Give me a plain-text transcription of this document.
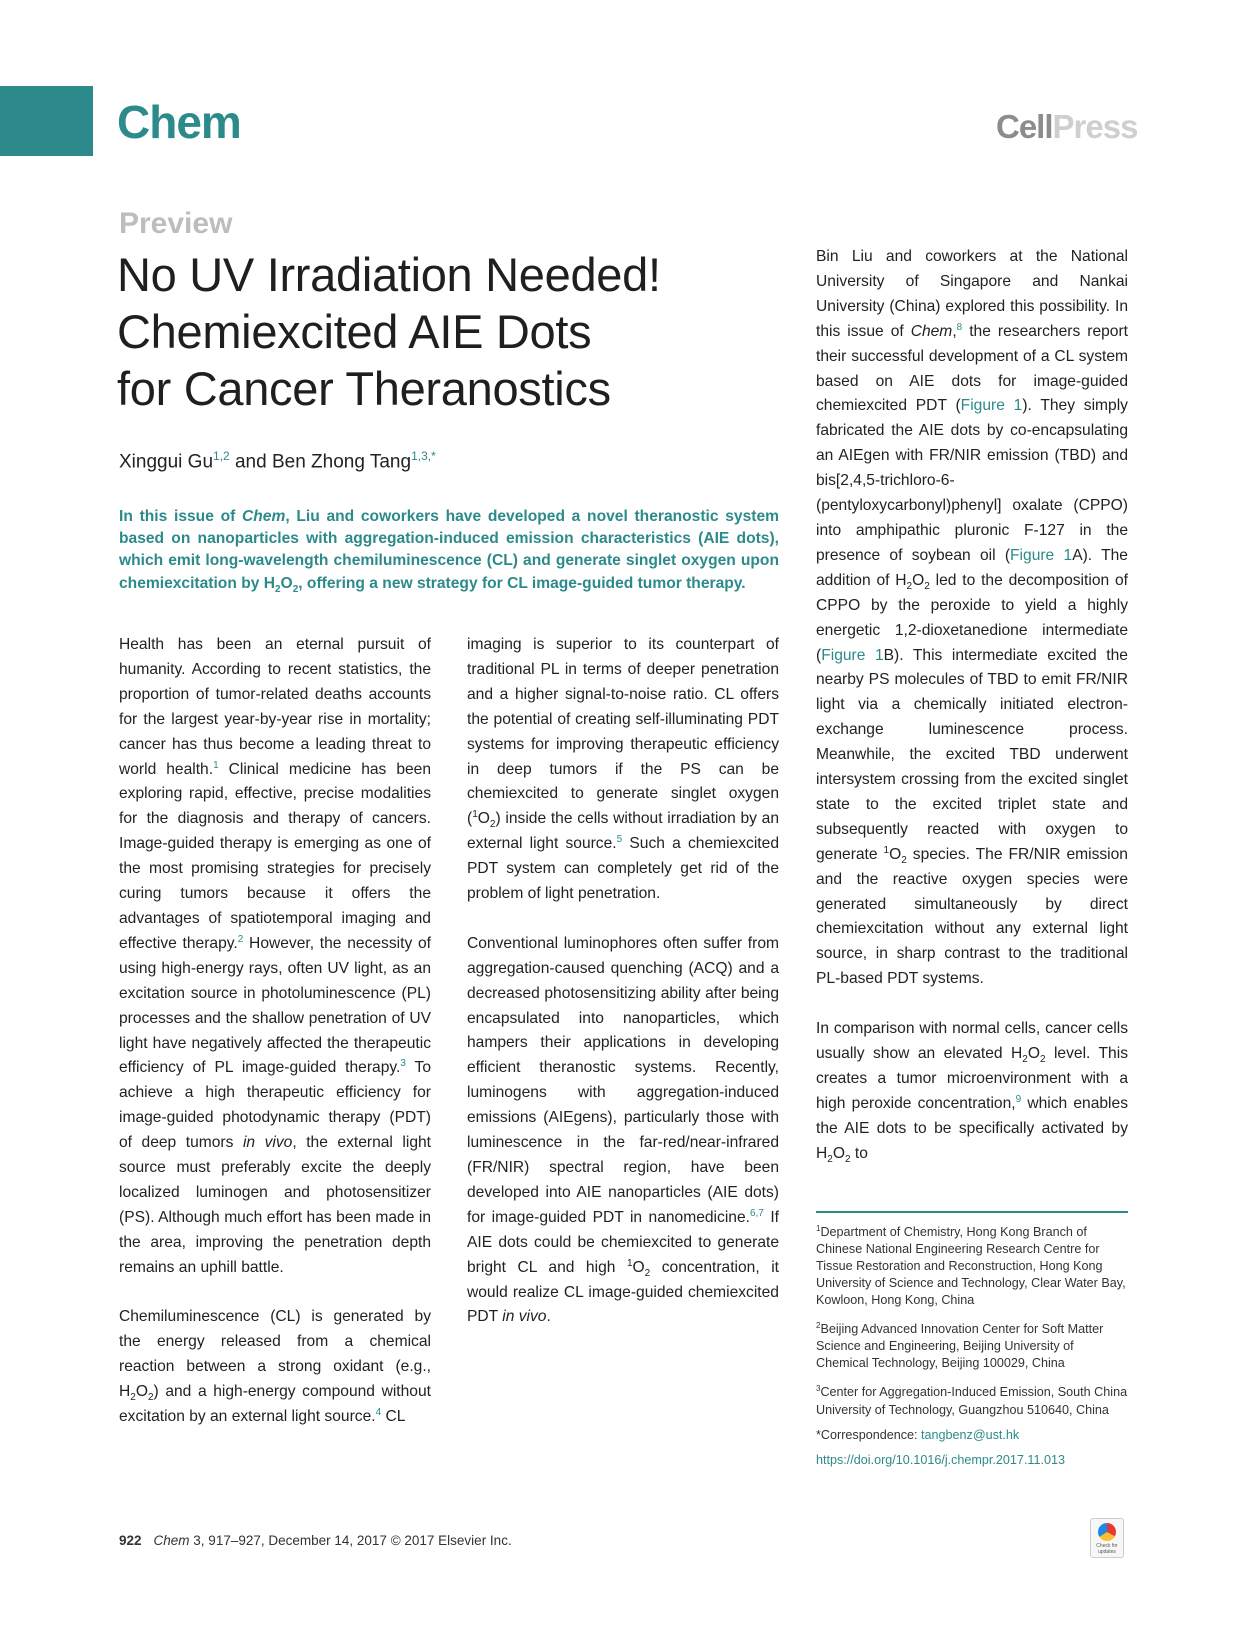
Chem	CellPress
Preview
No UV Irradiation Needed!
Chemiexcited AIE Dots
for Cancer Theranostics
Xinggui Gu$^{1,2}$ and Ben Zhong Tang$^{1,3,*}$

In this issue of Chem, Liu and coworkers have developed a novel theranostic system based on nanoparticles with aggregation-induced emission characteristics (AIE dots), which emit long-wavelength chemiluminescence (CL) and generate singlet oxygen upon chemiexcitation by $H_2O_2$, offering a new strategy for CL image-guided tumor therapy.

Health has been an eternal pursuit of humanity. According to recent statistics, the proportion of tumor-related deaths accounts for the largest year-by-year rise in mortality; cancer has thus become a leading threat to world health.$^1$ Clinical medicine has been exploring rapid, effective, precise modalities for the diagnosis and therapy of cancers. Image-guided therapy is emerging as one of the most promising strategies for precisely curing tumors because it offers the advantages of spatiotemporal imaging and effective therapy.$^2$ However, the necessity of using high-energy rays, often UV light, as an excitation source in photoluminescence (PL) processes and the shallow penetration of UV light have negatively affected the therapeutic efficiency of PL image-guided therapy.$^3$ To achieve a high therapeutic efficiency for image-guided photodynamic therapy (PDT) of deep tumors in vivo, the external light source must preferably excite the deeply localized luminogen and photosensitizer (PS). Although much effort has been made in the area, improving the penetration depth remains an uphill battle.

Chemiluminescence (CL) is generated by the energy released from a chemical reaction between a strong oxidant (e.g., $H_2O_2$) and a high-energy compound without excitation by an external light source.$^4$ CL

imaging is superior to its counterpart of traditional PL in terms of deeper penetration and a higher signal-to-noise ratio. CL offers the potential of creating self-illuminating PDT systems for improving therapeutic efficiency in deep tumors if the PS can be chemiexcited to generate singlet oxygen $(^1O_2)$ inside the cells without irradiation by an external light source.$^5$ Such a chemiexcited PDT system can completely get rid of the problem of light penetration.

Conventional luminophores often suffer from aggregation-caused quenching (ACQ) and a decreased photosensitizing ability after being encapsulated into nanoparticles, which hampers their applications in developing efficient theranostic systems. Recently, luminogens with aggregation-induced emissions (AIEgens), particularly those with luminescence in the far-red/near-infrared (FR/NIR) spectral region, have been developed into AIE nanoparticles (AIE dots) for image-guided PDT in nanomedicine.$^{6,7}$ If AIE dots could be chemiexcited to generate bright CL and high $^1O_2$ concentration, it would realize CL image-guided chemiexcited PDT in vivo.

Bin Liu and coworkers at the National University of Singapore and Nankai University (China) explored this possibility. In this issue of Chem,$^8$ the researchers report their successful development of a CL system based on AIE dots for image-guided chemiexcited PDT (Figure 1). They simply fabricated the AIE dots by co-encapsulating an AIEgen with FR/NIR emission (TBD) and bis[2,4,5-trichloro-6-(pentyloxycarbonyl)phenyl] oxalate (CPPO) into amphipathic pluronic F-127 in the presence of soybean oil (Figure 1A). The addition of $H_2O_2$ led to the decomposition of CPPO by the peroxide to yield a highly energetic 1,2-dioxetanedione intermediate (Figure 1B). This intermediate excited the nearby PS molecules of TBD to emit FR/NIR light via a chemically initiated electron-exchange luminescence process. Meanwhile, the excited TBD underwent intersystem crossing from the excited singlet state to the excited triplet state and subsequently reacted with oxygen to generate $^1O_2$ species. The FR/NIR emission and the reactive oxygen species were generated simultaneously by direct chemiexcitation without any external light source, in sharp contrast to the traditional PL-based PDT systems.

In comparison with normal cells, cancer cells usually show an elevated $H_2O_2$ level. This creates a tumor microenvironment with a high peroxide concentration,$^9$ which enables the AIE dots to be specifically activated by $H_2O_2$ to

$^1$Department of Chemistry, Hong Kong Branch of Chinese National Engineering Research Centre for Tissue Restoration and Reconstruction, Hong Kong University of Science and Technology, Clear Water Bay, Kowloon, Hong Kong, China

$^2$Beijing Advanced Innovation Center for Soft Matter Science and Engineering, Beijing University of Chemical Technology, Beijing 100029, China

$^3$Center for Aggregation-Induced Emission, South China University of Technology, Guangzhou 510640, China

*Correspondence: tangbenz@ust.hk

https://doi.org/10.1016/j.chempr.2017.11.013

922 Chem 3, 917–927, December 14, 2017 © 2017 Elsevier Inc.	Check for updates
